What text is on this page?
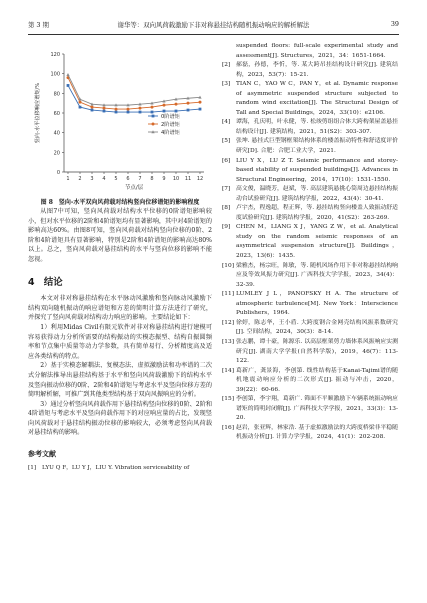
第 3 期	谢华等：双向风荷载激励下非对称悬挂结构随机振动响应的解析解法	39
0
20
40
60
80
100
120
1 2 3 4 5 6 7 8 9 10 11 12
节点/层
竖向-水平位移响应谱矩/%	0阶谱矩
2阶谱矩
4阶谱矩
图 8　竖向-水平双向风荷载对结构竖向位移谱矩的影响程度

从图7中可知，竖向风荷载对结构水平位移的0阶谱矩影响较小，但对水平位移的2阶和4阶谱矩均有显著影响，其中对4阶谱矩的影响高达60%。由图8可知，竖向风荷载对结构竖向位移的0阶、2阶和4阶谱矩具有显著影响，特别是2阶和4阶谱矩的影响高达80%以上。总之，竖向风荷载对悬挂结构的水平与竖向位移的影响不能忽视。

4　结论

本文对非对称悬挂结构在水平脉动风激励和竖向脉动风激励下结构双向随机振动的响应谱矩和方差的简明计算方法进行了研究，并探究了竖向风荷载对结构动力响应的影响。主要结论如下：

1）利用Midas Civil有限元软件对非对称悬挂结构进行建模可容易获得动力分析所需要的结构振动的实模态振型、结构自振圆频率和节点集中质量等动力学参数，具有简单易行、分析精度高及适应各类结构的特点。

2）基于实模态解耦法、复模态法、虚拟激励法和功率谱的二次式分解法推导出悬挂结构基于水平和竖向风荷载激励下的结构水平及竖向振动位移的0阶、2阶和4阶谱矩与考虑水平及竖向位移方差的简明解析解，可推广到其他类型结构基于双向风振响应的分析。

3）通过分析竖向风荷载作用下悬挂结构竖向位移的0阶、2阶和4阶谱矩与考虑水平及竖向荷载作用下的对应响应量的占比，发现竖向风荷载对于悬挂结构振动位移的影响较大，必须考虑竖向风荷载对悬挂结构的影响。

参考文献
[1]	LYU Q F，LU Y J，LIU Y. Vibration serviceability of
suspended floors: full-scale experimental study and assessment[J]. Structures，2021，34：1651-1664.
[2] 郝磊，孙德，李忻，等. 某大跨吊挂结构设计研究[J]. 建筑结构，2023，53(7)：15-21.
[3] TIAN C，YAO W C，PAN Y，et al. Dynamic response of asymmetric suspended structure subjected to random wind excitation[J]. The Structural Design of Tall and Special Buildings，2024，33(10)：e2106.
[4] 谭海，孔庆明，叶永健，等. 松竣剪组组合体大跨构架屋盖悬挂结构设计[J]. 建筑结构，2021，51(S2)：303-307.
[5] 张坤. 悬挂式巨型钢框架结构体系的楼盖振动特性和舒适度评价研究[D]. 合肥：合肥工业大学，2021.
[6] LIU Y X，LU Z T. Seismic performance and storey-based stability of suspended buildings[J]. Advances in Structural Engineering，2014，17(10)：1531-1550.
[7] 高文俊，温晓芳，赵斌，等. 高层建筑悬挑心筒周边悬挂结构振动台试验研究[J]. 建筑结构学报，2022，43(4)：30-41.
[8] 卢宇杰，程逸超，程正辉，等. 悬挂结构竖向楼盖人致振动舒适度试验研究[J]. 建筑结构学报，2020，41(S2)：263-269.
[9] CHEN M，LIANG X J，YANG Z W，et al. Analytical study on the random seismic responses of an asymmetrical suspension structure[J]. Buildings，2023，13(6)：1435.
[10] 梁雅杰，杨宗旺，陈敏，等. 随机风场作用下非对称悬挂结构响应及等效风振力研究[J]. 广西科技大学学报，2023，34(4)：32-39.
[11] LUMLEY J L，PANOFSKY H A. The structure of atmospheric turbulence[M]. New York：Interscience Publishers，1964.
[12] 徐婷，陈志华，王小盾. 大跨度钢合金网壳结构风振系数研究[J]. 空间结构，2024，30(3)：8-14.
[13] 张志鹏，谭十豪，陈源乐. 以高层框架剪力墙体系风振响应实测研究[J]. 湖南大学学报(自然科学版)，2019，46(7)：113-122.
[14] 葛新广，龚景海，李创第. 线性结构基于Kanai-Tajimi谱的随机地震动响应分析的二次形式[J]. 振动与冲击，2020，39(22)：60-66.
[15] 李创第，李宇翔，葛新广. 筛面不平顺激励下车辆系统振动响应谱矩的简明封闭解[J]. 广西科技大学学报，2021，33(3)：13-20.
[16] 赵岩，张亚辉，林家浩. 基于虚拟激励法的大跨度桥梁非平稳随机振动分析[J]. 计算力学学报，2024，41(1)：202-208.
